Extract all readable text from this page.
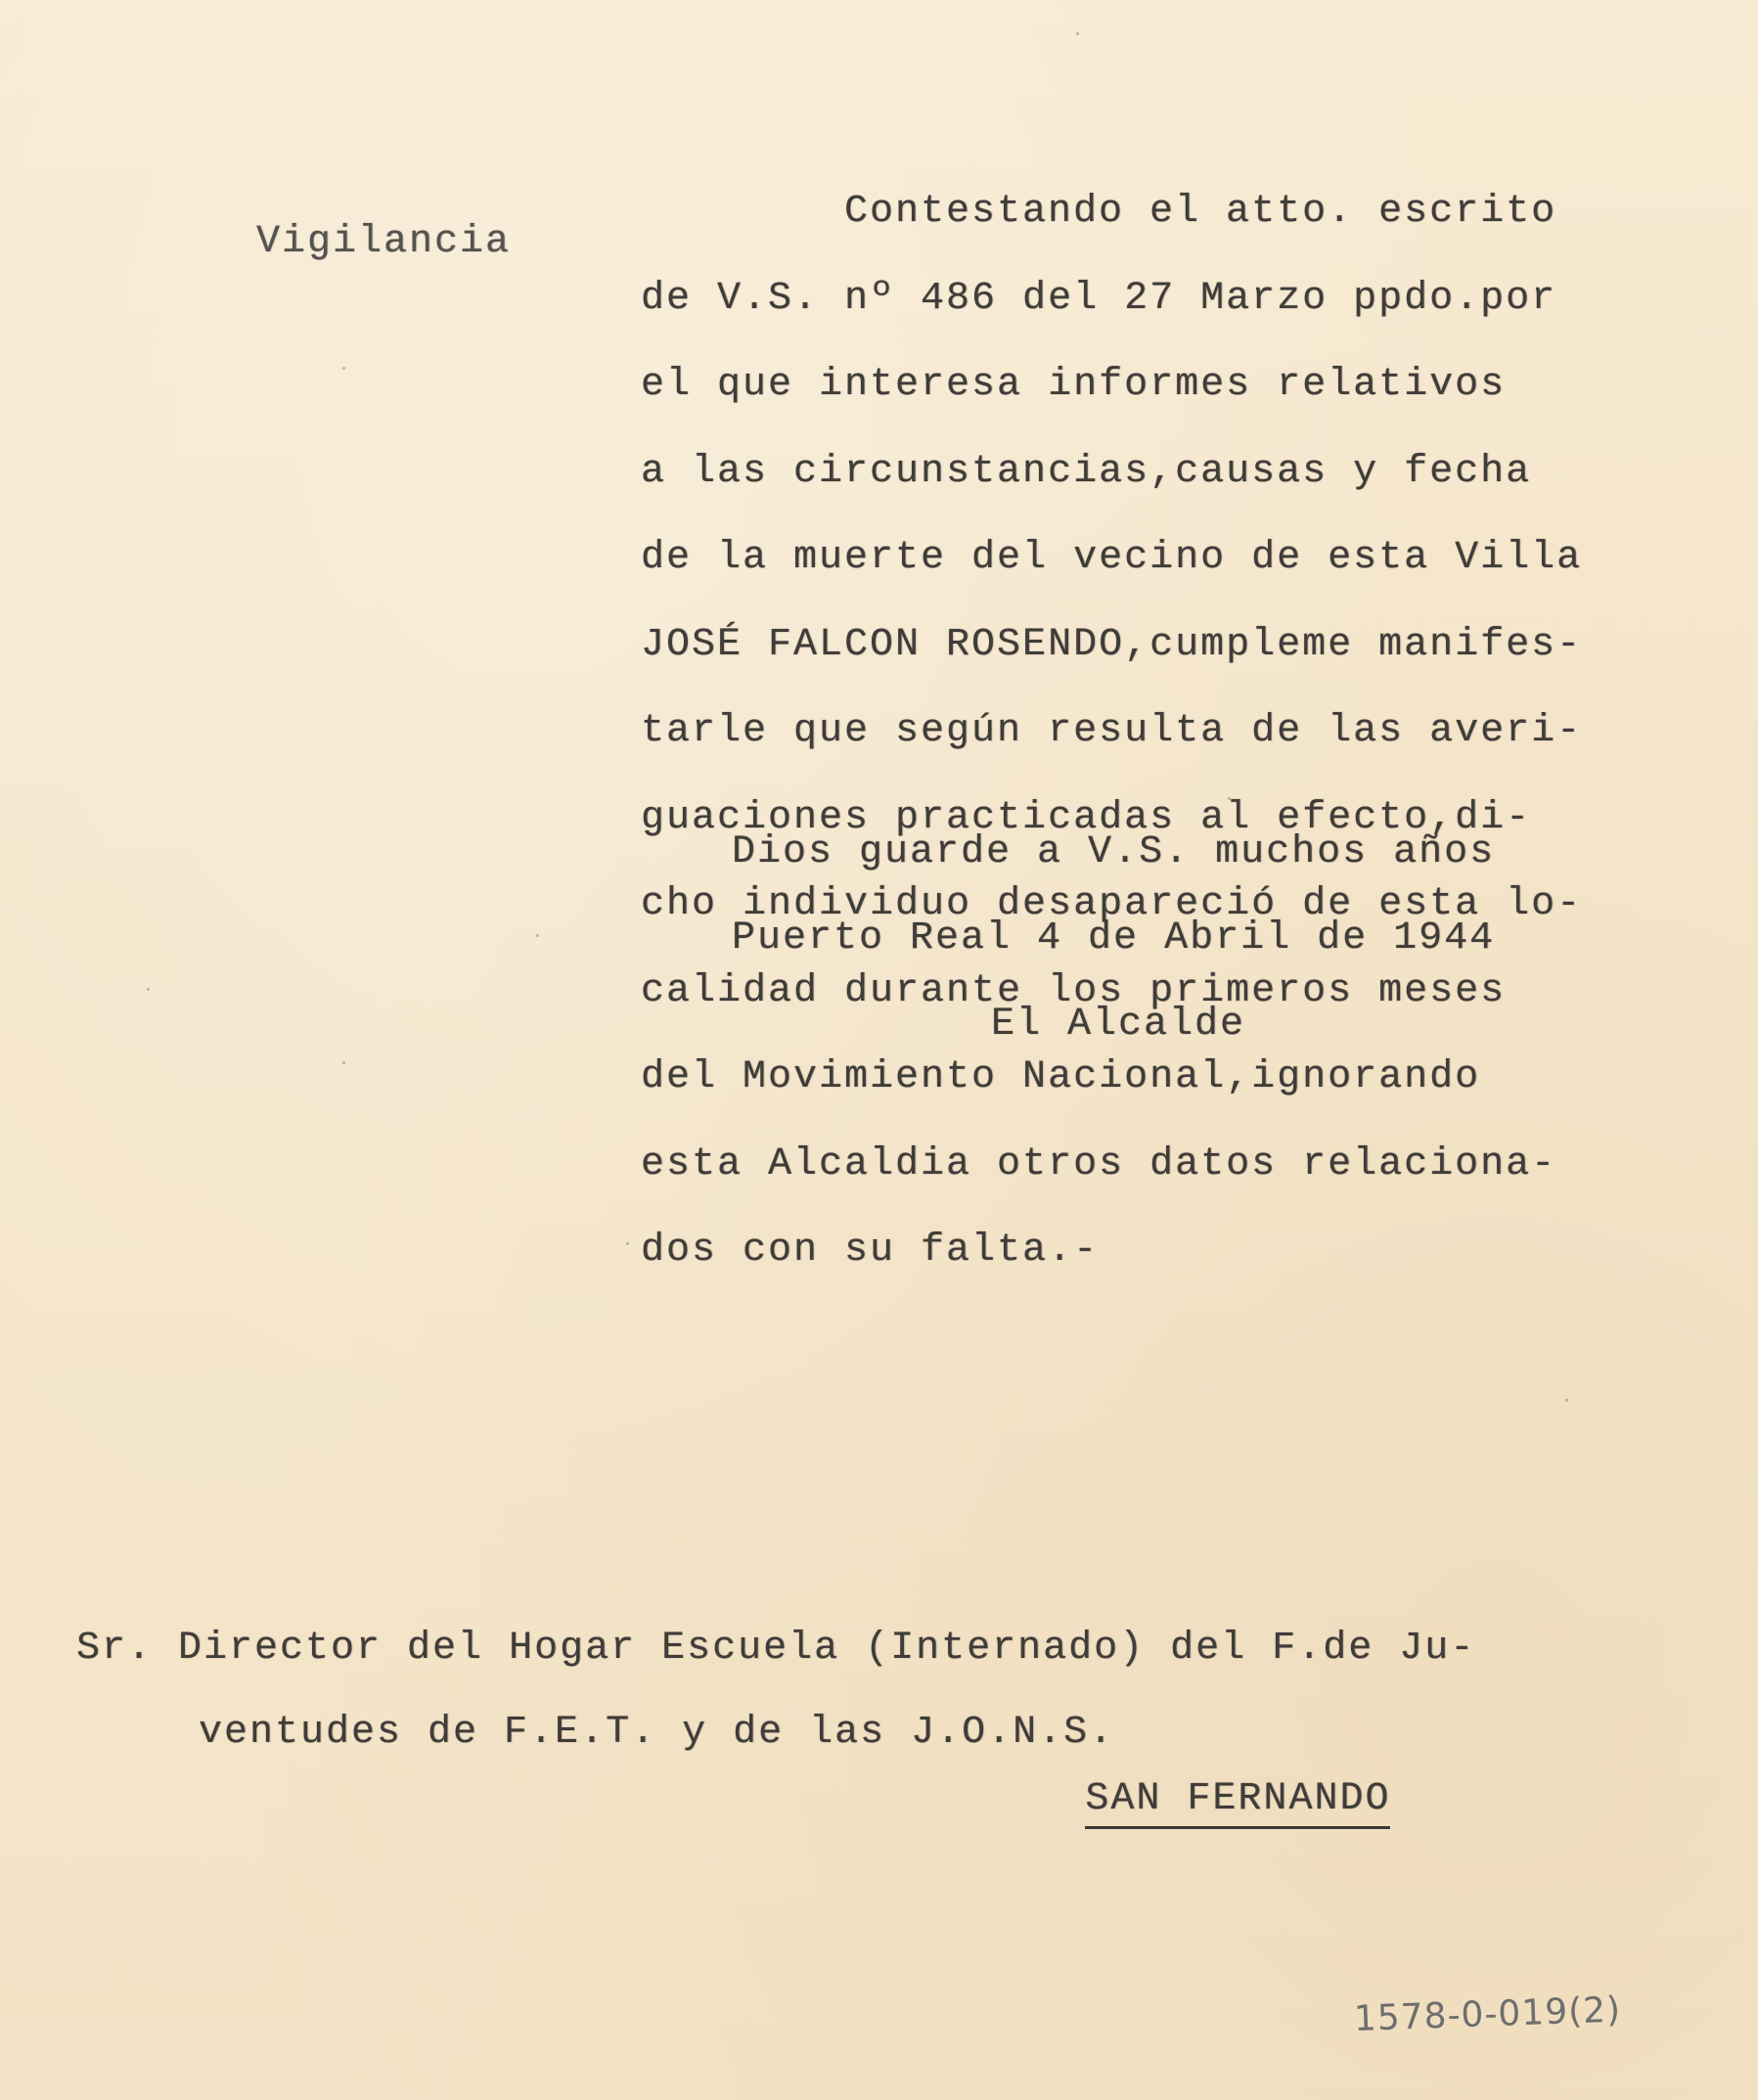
Vigilancia

Contestando el atto. escrito

de V.S. nº 486 del 27 Marzo ppdo.por

el que interesa informes relativos

a las circunstancias,causas y fecha

de la muerte del vecino de esta Villa

JOSÉ FALCON ROSENDO,cumpleme manifes-

tarle que según resulta de las averi-

guaciones practicadas al efecto,di-

cho individuo desapareció de esta lo-

calidad durante los primeros meses

del Movimiento Nacional,ignorando

esta Alcaldia otros datos relaciona-

dos con su falta.-

Dios guarde a V.S. muchos años

Puerto Real 4 de Abril de 1944

El Alcalde

Sr. Director del Hogar Escuela (Internado) del F.de Ju-

ventudes de F.E.T. y de las J.O.N.S.

SAN FERNANDO

1578-0-019(2)
